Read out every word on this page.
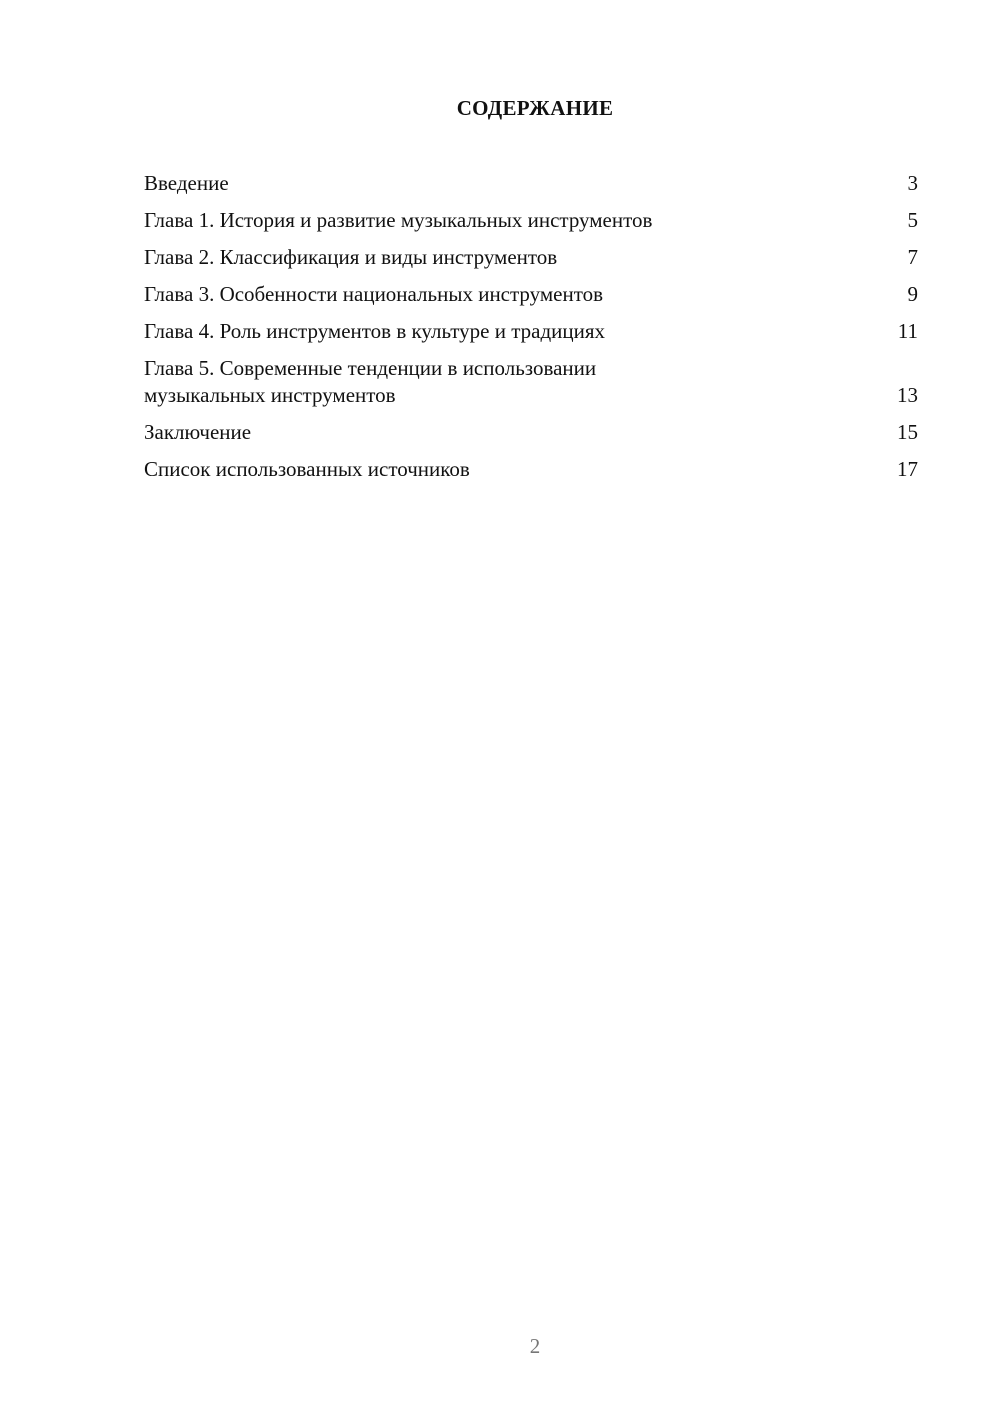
СОДЕРЖАНИЕ
Введение	3
Глава 1. История и развитие музыкальных инструментов	5
Глава 2. Классификация и виды инструментов	7
Глава 3. Особенности национальных инструментов	9
Глава 4. Роль инструментов в культуре и традициях	11
Глава 5. Современные тенденции в использовании
музыкальных инструментов	13
Заключение	15
Список использованных источников	17
2
